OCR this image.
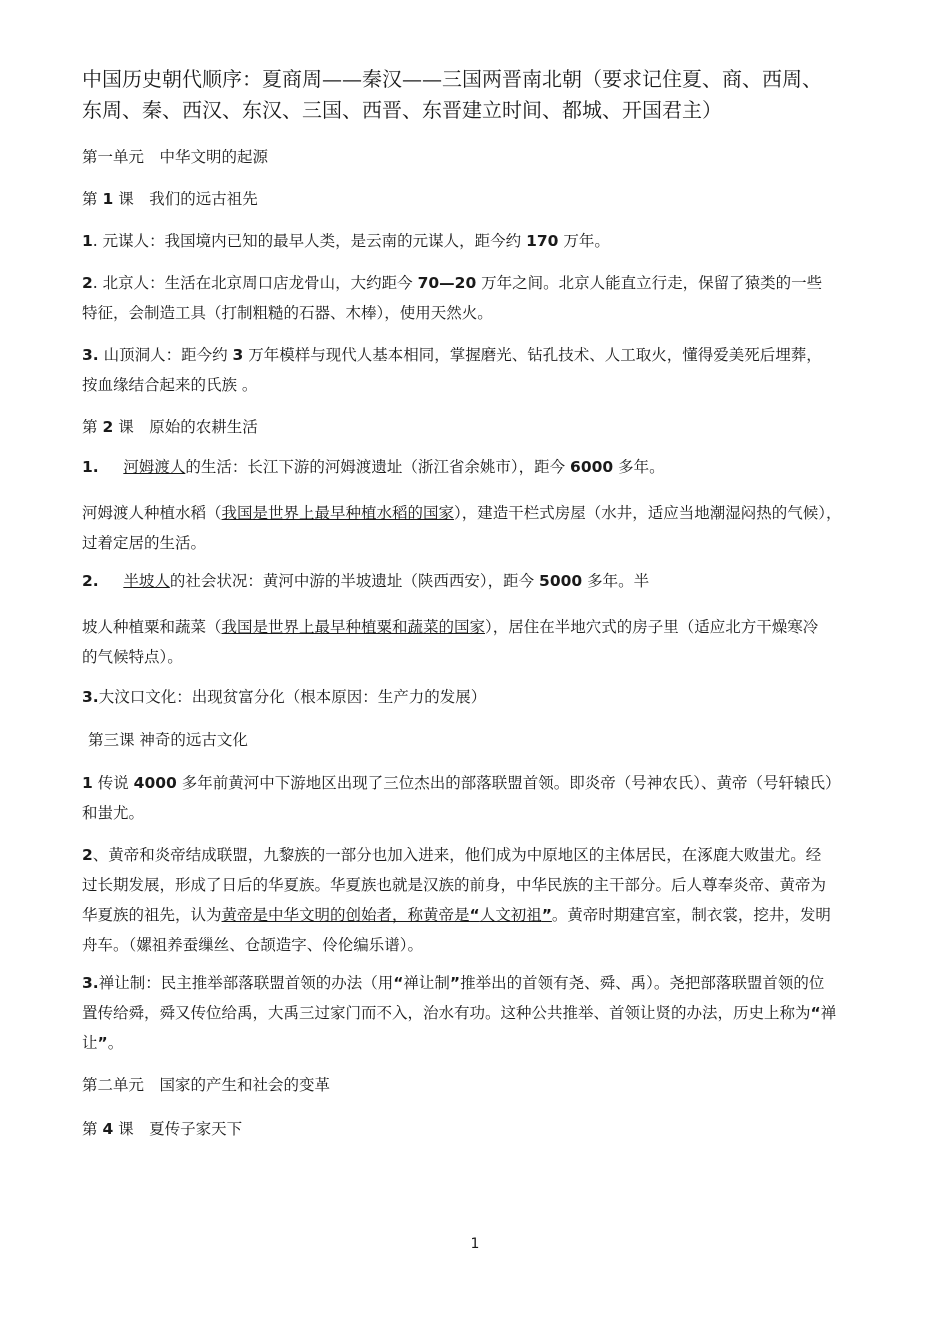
中国历史朝代顺序：夏商周——秦汉——三国两晋南北朝（要求记住夏、商、西周、
东周、秦、西汉、东汉、三国、西晋、东晋建立时间、都城、开国君主）

第一单元　中华文明的起源

第 1 课　我们的远古祖先

1. 元谋人：我国境内已知的最早人类，是云南的元谋人，距今约 170 万年。

2. 北京人：生活在北京周口店龙骨山，大约距今 70—20 万年之间。北京人能直立行走，保留了猿类的一些
特征，会制造工具（打制粗糙的石器、木棒），使用天然火。

3. 山顶洞人：距今约 3 万年模样与现代人基本相同，掌握磨光、钻孔技术、人工取火，懂得爱美死后埋葬，
按血缘结合起来的氏族 。

第 2 课　原始的农耕生活

1. 河姆渡人的生活：长江下游的河姆渡遗址（浙江省余姚市），距今 6000 多年。

河姆渡人种植水稻（我国是世界上最早种植水稻的国家），建造干栏式房屋（水井，适应当地潮湿闷热的气候），
过着定居的生活。

2. 半坡人的社会状况：黄河中游的半坡遗址（陕西西安），距今 5000 多年。半

坡人种植粟和蔬菜（我国是世界上最早种植粟和蔬菜的国家），居住在半地穴式的房子里（适应北方干燥寒冷
的气候特点）。

3.大汶口文化：出现贫富分化（根本原因：生产力的发展）

第三课 神奇的远古文化

1 传说 4000 多年前黄河中下游地区出现了三位杰出的部落联盟首领。即炎帝（号神农氏）、黄帝（号轩辕氏）
和蚩尤。

2、黄帝和炎帝结成联盟，九黎族的一部分也加入进来，他们成为中原地区的主体居民，在涿鹿大败蚩尤。经
过长期发展，形成了日后的华夏族。华夏族也就是汉族的前身，中华民族的主干部分。后人尊奉炎帝、黄帝为
华夏族的祖先，认为黄帝是中华文明的创始者，称黄帝是“人文初祖”。黄帝时期建宫室，制衣裳，挖井，发明
舟车。（嫘祖养蚕缫丝、仓颉造字、伶伦编乐谱）。

3.禅让制：民主推举部落联盟首领的办法（用“禅让制”推举出的首领有尧、舜、禹）。尧把部落联盟首领的位
置传给舜，舜又传位给禹，大禹三过家门而不入，治水有功。这种公共推举、首领让贤的办法，历史上称为“禅
让”。

第二单元　国家的产生和社会的变革

第 4 课　夏传子家天下

1
